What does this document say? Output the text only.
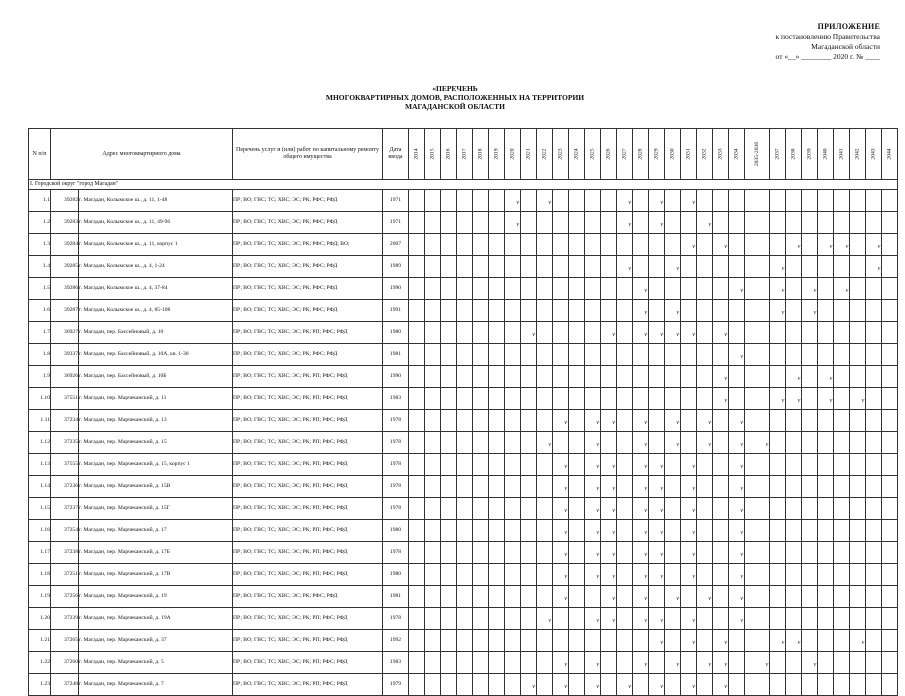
ПРИЛОЖЕНИЕ
к постановлению Правительства
Магаданской области
от «__» ________ 2020 г. № ____
«ПЕРЕЧЕНЬ
МНОГОКВАРТИРНЫХ ДОМОВ, РАСПОЛОЖЕННЫХ НА ТЕРРИТОРИИ
МАГАДАНСКОЙ ОБЛАСТИ
N п/п	Адрес многоквартирного дома		Перечень услуг и (или) работ по капитальному ремонту общего имущества	Дата ввода	2014	2015	2016	2017	2018	2019	2020	2021	2022	2023	2024	2025	2026	2027	2028	2029	2030	2031	2032	2033	2034	2035-2036	2037	2038	2039	2040	2041	2042	2043	2044
I. Городской округ "город Магадан"																																		
1.1	39282	г. Магадан, Колымское ш., д. 11, 1-48	ПР; ВО; ГВС; ТС; ХВС; ЭС; РК; РФС; РФД	1971							v		v					v		v		v												

1.2	39283	г. Магадан, Колымское ш., д. 11, 49-96	ПР; ВО; ГВС; ТС; ХВС; ЭС; РК; РФС; РФД	1971							v							v		v			v											

1.3	39284	г. Магадан, Колымское ш., д. 11, корпус 1	ПР; ВО; ГВС; ТС; ХВС; ЭС; РК; РФС; РФД; ВО;	2007																		v		v				v		v	v		v	

1.4	39285	г. Магадан, Колымское ш., д. 4, 1-24	ПР; ВО; ГВС; ТС; ХВС; ЭС; РК; РФС; РФД	1989														v			v						v						v	

1.5	39286	г. Магадан, Колымское ш., д. 4, 37-84	ПР; ВО; ГВС; ТС; ХВС; ЭС; РК; РФС; РФД	1990															v						v		v		v		v			

1.6	39287	г. Магадан, Колымское ш., д. 4, 85-108	ПР; ВО; ГВС; ТС; ХВС; ЭС; РК; РФС; РФД	1991															v		v						v		v					

1.7	36927	г. Магадан, пер. Бассейновый, д. 10	ПР; ВО; ГВС; ТС; ХВС; ЭС; РК; РП; РФС; РФД	1980								v					v		v	v	v	v		v										

1.8	39337	г. Магадан, пер. Бассейновый, д. 10А, кв. 1-30	ПР; ВО; ГВС; ТС; ХВС; ЭС; РК; РФС; РФД	1981																					v									

1.9	36926	г. Магадан, пер. Бассейновый, д. 10Б	ПР; ВО; ГВС; ТС; ХВС; ЭС; РК; РП; РФС; РФД	1990																				v				v		v				

1.10	37551	г. Магадан, пер. Марчеканский, д. 11	ПР; ВО; ГВС; ТС; ХВС; ЭС; РК; РП; РФС; РФД	1983																				v			v	v		v		v		

1.11	37234	г. Магадан, пер. Марчеканский, д. 13	ПР; ВО; ГВС; ТС; ХВС; ЭС; РК; РП; РФС; РФД	1978										v		v	v		v		v		v		v									

1.12	37235	г. Магадан, пер. Марчеканский, д. 15	ПР; ВО; ГВС; ТС; ХВС; ЭС; РК; РП; РФС; РФД	1978									v			v			v		v		v		v	v								

1.13	37555	г. Магадан, пер. Марчеканский, д. 15, корпус 1	ПР; ВО; ГВС; ТС; ХВС; ЭС; РК; РП; РФС; РФД	1978										v		v	v		v	v		v			v									

1.14	37236	г. Магадан, пер. Марчеканский, д. 15В	ПР; ВО; ГВС; ТС; ХВС; ЭС; РК; РП; РФС; РФД	1978										v		v	v		v	v		v			v									

1.15	37237	г. Магадан, пер. Марчеканский, д. 15Г	ПР; ВО; ГВС; ТС; ХВС; ЭС; РК; РП; РФС; РФД	1978										v		v	v		v	v		v			v									

1.16	37254	г. Магадан, пер. Марчеканский, д. 17	ПР; ВО; ГВС; ТС; ХВС; ЭС; РК; РП; РФС; РФД	1980										v		v	v		v	v		v			v									

1.17	37238	г. Магадан, пер. Марчеканский, д. 17Б	ПР; ВО; ГВС; ТС; ХВС; ЭС; РК; РП; РФС; РФД	1978										v		v	v		v	v		v			v									

1.18	37251	г. Магадан, пер. Марчеканский, д. 17В	ПР; ВО; ГВС; ТС; ХВС; ЭС; РК; РП; РФС; РФД	1980										v		v	v		v	v		v			v									

1.19	37256	г. Магадан, пер. Марчеканский, д. 19	ПР; ВО; ГВС; ТС; ХВС; ЭС; РК; РФС; РФД	1981										v			v		v		v		v		v									

1.20	37239	г. Магадан, пер. Марчеканский, д. 19А	ПР; ВО; ГВС; ТС; ХВС; ЭС; РК; РП; РФС; РФД	1978									v			v	v		v	v		v			v									

1.21	37265	г. Магадан, пер. Марчеканский, д. 37	ПР; ВО; ГВС; ТС; ХВС; ЭС; РК; РП; РФС; РФД	1992																v		v		v			v	v				v		

1.22	37260	г. Магадан, пер. Марчеканский, д. 5	ПР; ВО; ГВС; ТС; ХВС; ЭС; РК; РП; РФС; РФД	1983										v		v			v		v		v	v		v			v					

1.23	37248	г. Магадан, пер. Марчеканский, д. 7	ПР; ВО; ГВС; ТС; ХВС; ЭС; РК; РП; РФС; РФД	1979								v		v		v		v		v		v		v										
